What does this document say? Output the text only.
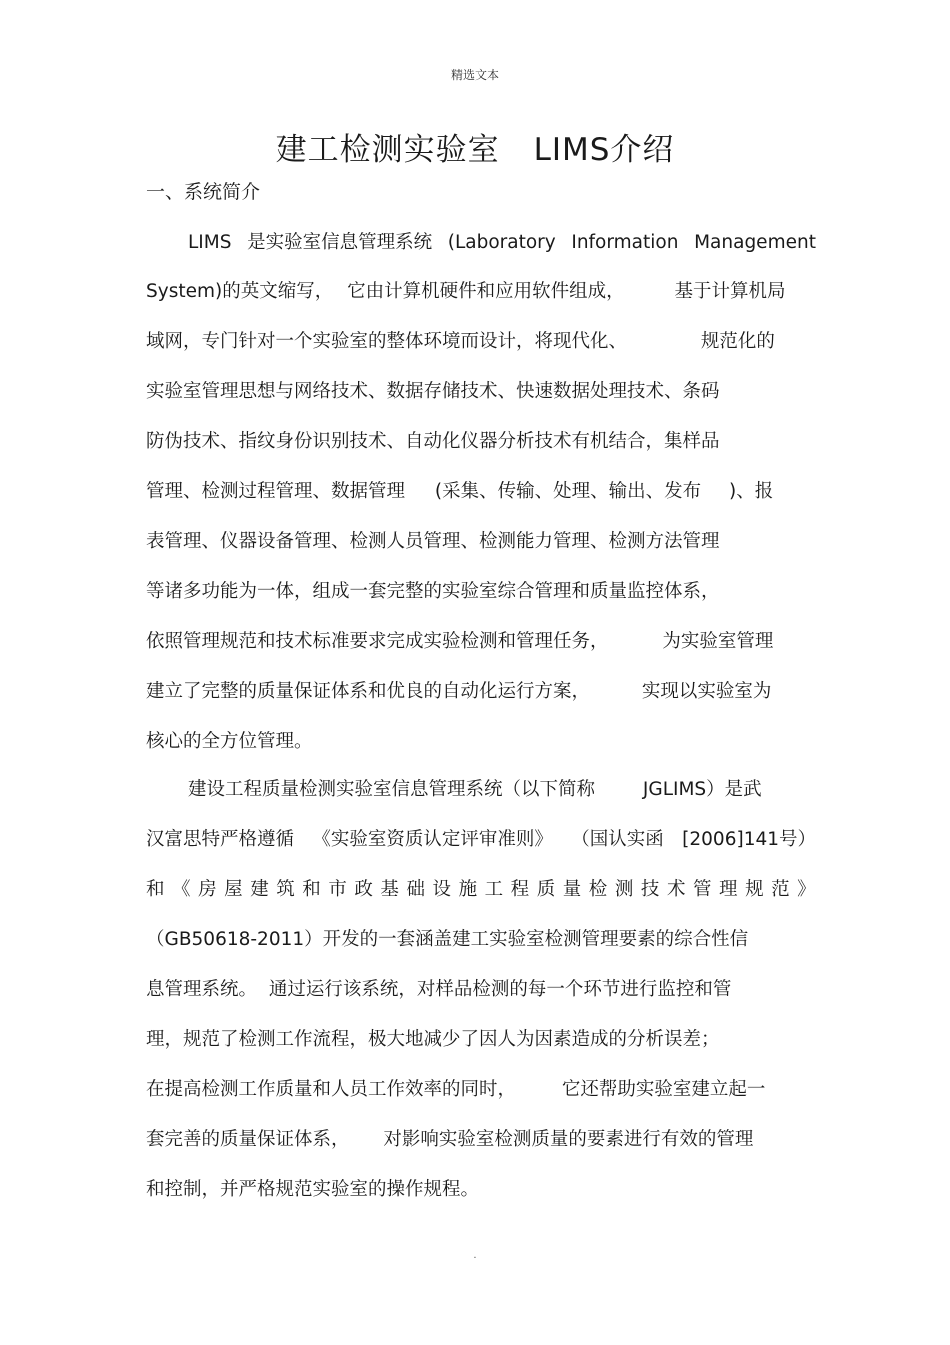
精选文本
建工检测实验室 LIMS介绍
一、系统简介
LIMS 是实验室信息管理系统 (Laboratory Information Management
System)的英文缩写， 它由计算机硬件和应用软件组成，	基于计算机局
域网，专门针对一个实验室的整体环境而设计，将现代化、	规范化的
实验室管理思想与网络技术、数据存储技术、快速数据处理技术、条码
防伪技术、指纹身份识别技术、自动化仪器分析技术有机结合，集样品
管理、检测过程管理、数据管理 (采集、传输、处理、输出、发布 )、报
表管理、仪器设备管理、检测人员管理、检测能力管理、检测方法管理
等诸多功能为一体，组成一套完整的实验室综合管理和质量监控体系，
依照管理规范和技术标准要求完成实验检测和管理任务，	为实验室管理
建立了完整的质量保证体系和优良的自动化运行方案，	实现以实验室为
核心的全方位管理。
建设工程质量检测实验室信息管理系统（以下简称	JGLIMS）是武
汉富思特严格遵循 《实验室资质认定评审准则》 （国认实函 [2006]141号）
和 《 房 屋 建 筑 和 市 政 基 础 设 施 工 程 质 量 检 测 技 术 管 理 规 范 》
（GB50618-2011）开发的一套涵盖建工实验室检测管理要素的综合性信
息管理系统。 通过运行该系统，对样品检测的每一个环节进行监控和管
理，规范了检测工作流程，极大地减少了因人为因素造成的分析误差；
在提高检测工作质量和人员工作效率的同时， 它还帮助实验室建立起一
套完善的质量保证体系， 对影响实验室检测质量的要素进行有效的管理
和控制，并严格规范实验室的操作规程。
.
